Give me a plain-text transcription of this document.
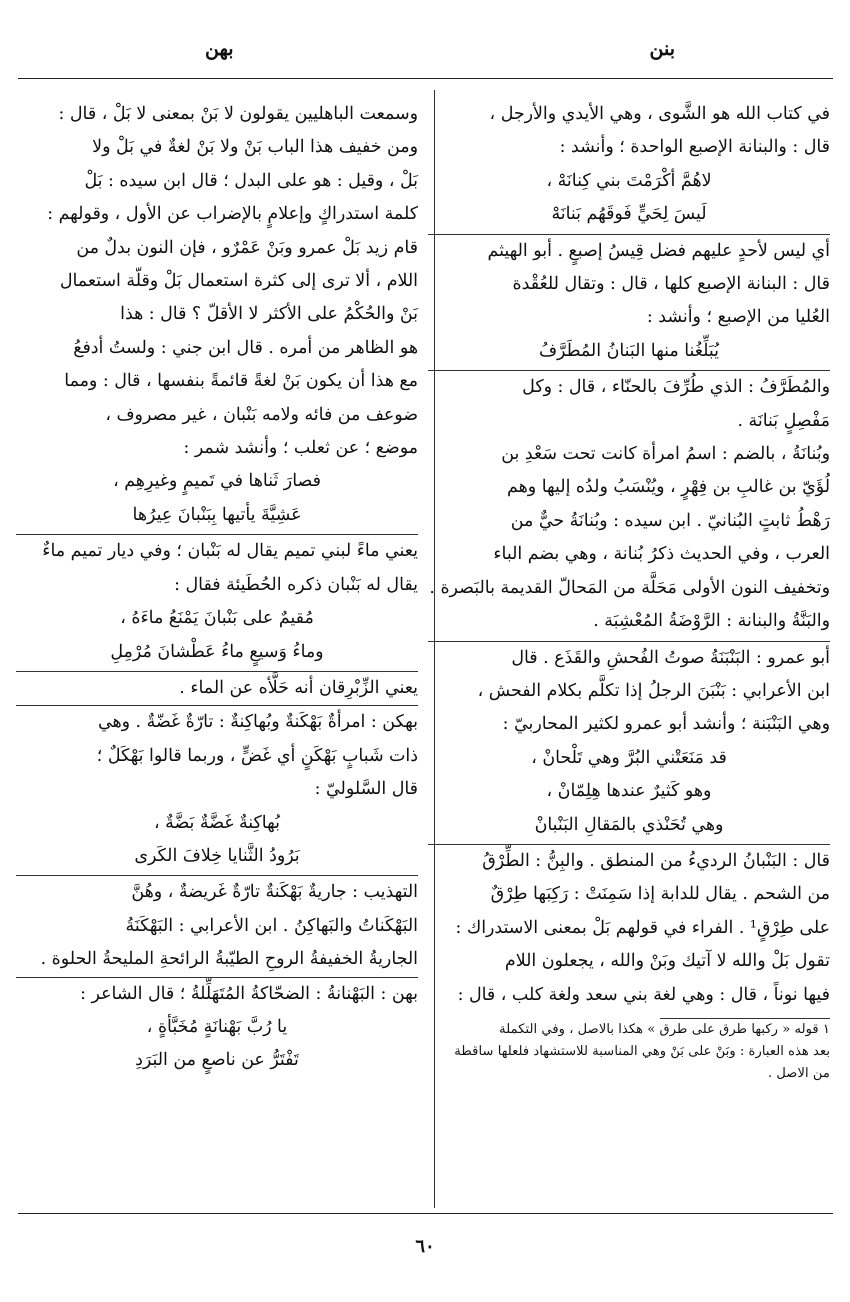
بنن
بهن

في كتاب الله هو الشَّوى ، وهي الأيدي والأرجل ،

قال : والبنانة الإصبع الواحدة ؛ وأنشد :

لاهُمَّ أكْرَمْتَ بني كِنانَهْ ،

لَيسَ لِحَيٍّ فَوقَهُم بَنانَهْ

أي ليس لأحدٍ عليهم فضل قِيسُ إصبعٍ . أبو الهيثم

قال : البنانة الإصبع كلها ، قال : وتقال للعُقْدة

العُليا من الإصبع ؛ وأنشد :

يُبَلِّغُنا منها البَنانُ المُطَرَّفُ

والمُطَرَّفُ : الذي طُرِّفَ بالحنّاء ، قال : وكل

مَفْصِلٍ بَنانَة .

وبُنانَةُ ، بالضم : اسمُ امرأة كانت تحت سَعْدِ بن

لُؤَيّ بن غالبِ بن فِهْرٍ ، ويُنْسَبُ ولدُه إليها وهم

رَهْطُ ثابتٍ البُنانيّ . ابن سيده : وبُنانَةُ حيٌّ من

العرب ، وفي الحديث ذكرُ بُنانة ، وهي بضم الباء

وتخفيف النون الأولى مَحَلَّة من المَحالّ القديمة بالبَصرة .

والبَنَّةُ والبنانة : الرَّوْضَةُ المُعْشِبَة .

أبو عمرو : البَنْبَنَةُ صوتُ الفُحشِ والقَذَع . قال

ابن الأعرابي : بَنْبَنَ الرجلُ إذا تكلَّم بكلام الفحش ،

وهي البَنْبَنة ؛ وأنشد أبو عمرو لكثير المحاربيّ :

قد مَنَعَتْني البُرَّ وهي تَلْحانْ ،

وهو كَثيرٌ عندها هِلِمّانْ ،

وهي تُحَنْذي بالمَقالِ البَنْبانْ

قال : البَنْبانُ الرديءُ من المنطق . والبِنُّ : الطِّرْقُ

من الشحم . يقال للدابة إذا سَمِنَتْ : رَكِبَها طِرْقٌ

على طِرْقٍ¹ . الفراء في قولهم بَلْ بمعنى الاستدراك :

تقول بَلْ والله لا آتيك وبَنْ والله ، يجعلون اللام

فيها نوناً ، قال : وهي لغة بني سعد ولغة كلب ، قال :

١ قوله « ركبها طرق على طرق » هكذا بالاصل ، وفي التكملة

بعد هذه العبارة : وبَنْ على بَنْ وهي المناسبة للاستشهاد فلعلها ساقطة

من الاصل .

وسمعت الباهليين يقولون لا بَنْ بمعنى لا بَلْ ، قال :

ومن خفيف هذا الباب بَنْ ولا بَنْ لغةٌ في بَلْ ولا

بَلْ ، وقيل : هو على البدل ؛ قال ابن سيده : بَلْ

كلمة استدراكٍ وإعلامٍ بالإضراب عن الأول ، وقولهم :

قام زيد بَلْ عمرو وبَنْ عَمْرٌو ، فإن النون بدلٌ من

اللام ، ألا ترى إلى كثرة استعمال بَلْ وقلّة استعمال

بَنْ والحُكْمُ على الأكثر لا الأقلّ ؟ قال : هذا

هو الظاهر من أمره . قال ابن جني : ولستُ أدفعُ

مع هذا أن يكون بَنْ لغةً قائمةً بنفسها ، قال : ومما

ضوعف من فائه ولامه بَنْبان ، غير مصروف ،

موضع ؛ عن ثعلب ؛ وأنشد شمر :

فصارَ ثَناها في تَميمٍ وغيرِهِم ،

عَشِيَّةَ يأتيها بِبَنْبانَ عِيرُها

يعني ماءً لبني تميم يقال له بَنْبان ؛ وفي ديار تميم ماءٌ

يقال له بَنْبان ذكره الحُطَيئة فقال :

مُقيمٌ على بَنْبانَ يَمْنَعُ ماءَهُ ،

وماءُ وَسيعٍ ماءُ عَطْشانَ مُرْمِلِ

يعني الزِّبْرِقان أنه حَلَّأه عن الماء .

بهكن : امرأةٌ بَهْكَنةٌ وبُهاكِنةٌ : تارّةٌ غَضّةٌ . وهي

ذات شَبابٍ بَهْكَنٍ أي غَضٍّ ، وربما قالوا بَهْكَلٌ ؛

قال السَّلوليّ :

بُهاكِنةٌ غَضَّةٌ بَضَّةٌ ،

بَرُودُ الثَّنايا خِلافَ الكَرى

التهذيب : جاريةٌ بَهْكَنةٌ تارّةٌ غَريضةٌ ، وهُنَّ

البَهْكَناتُ والبَهاكِنُ . ابن الأعرابي : البَهْكَنَةُ

الجاريةُ الخفيفةُ الروحِ الطيّبةُ الرائحةِ المليحةُ الحلوة .

بهن : البَهْنانةُ : الضحّاكةُ المُتَهَلِّلةُ ؛ قال الشاعر :

يا رُبَّ بَهْنانَةٍ مُخَبَّأةٍ ،

تَفْتَرُّ عن ناصعٍ من البَرَدِ

٦٠
